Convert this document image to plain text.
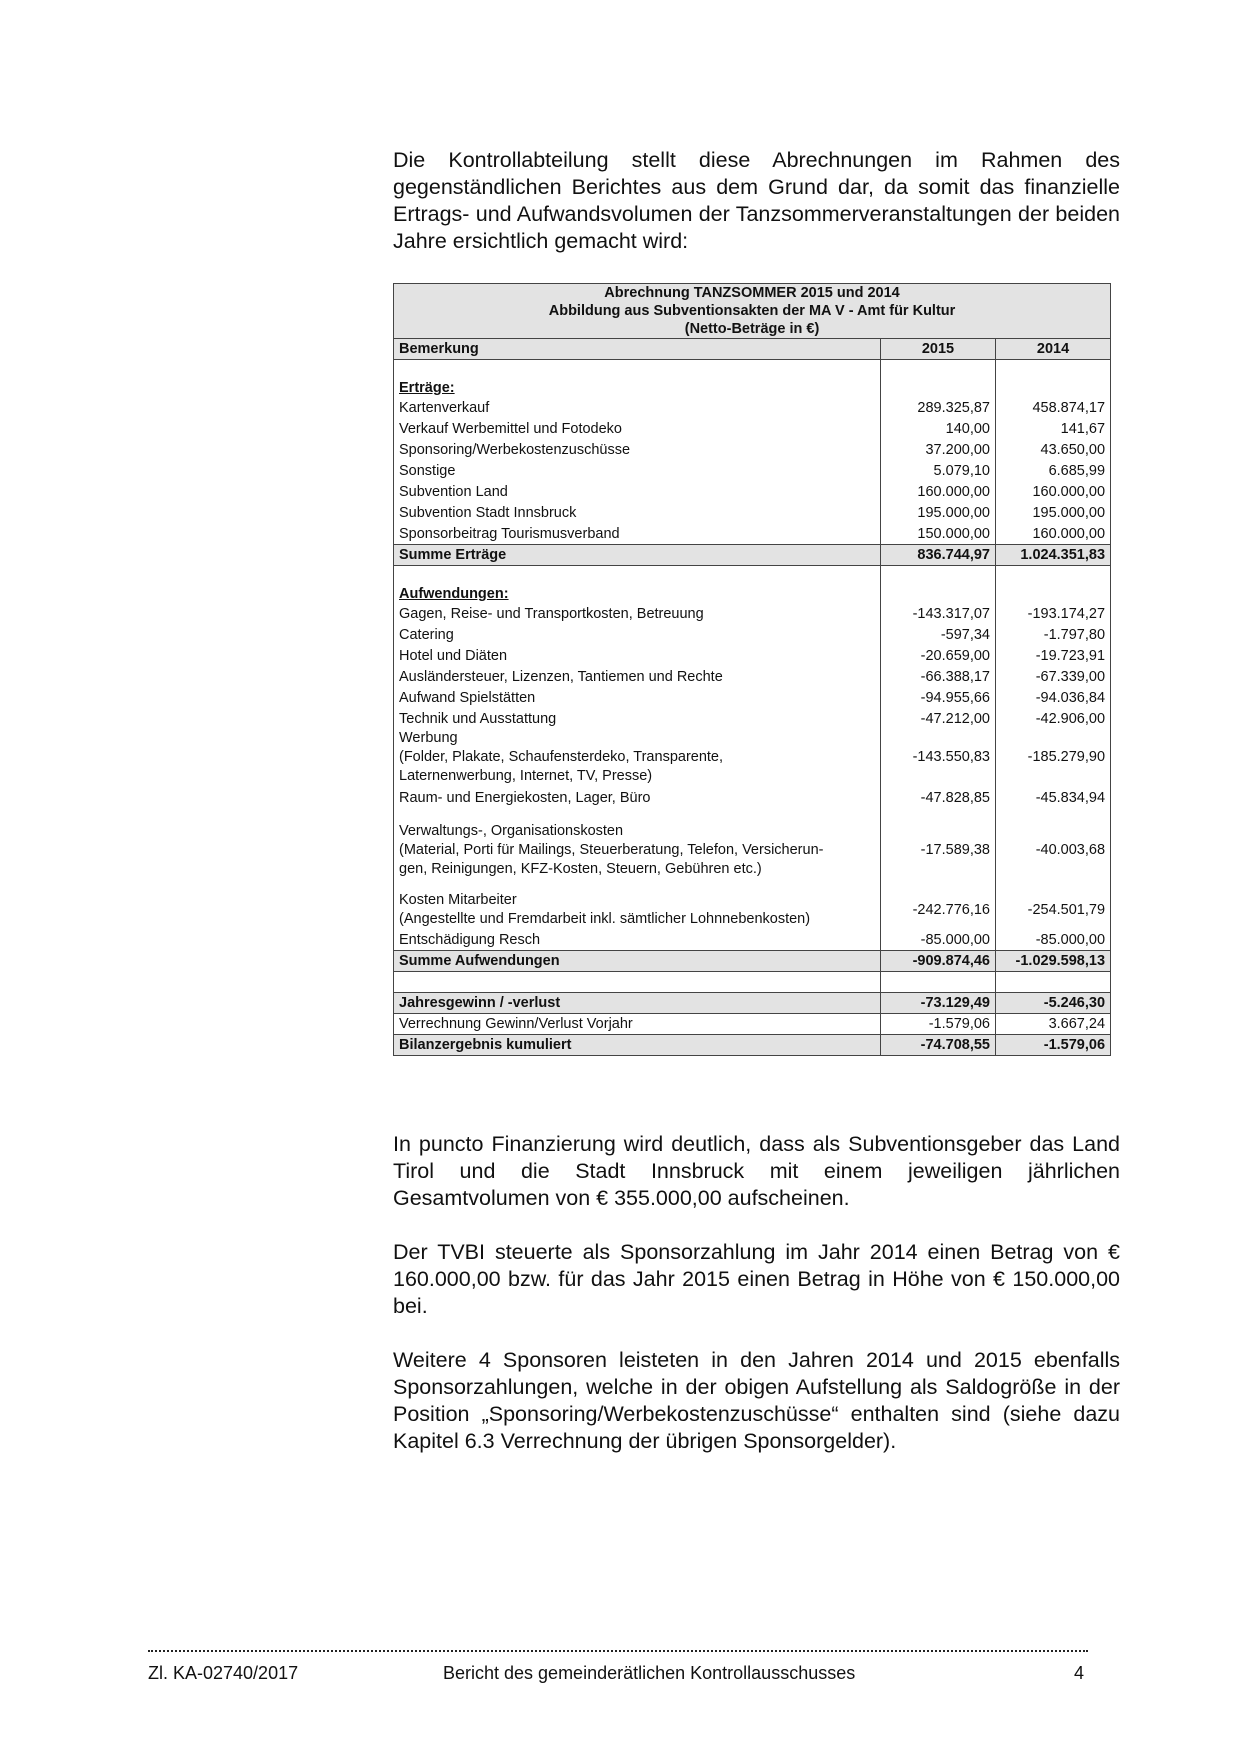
Die Kontrollabteilung stellt diese Abrechnungen im Rahmen des gegenständlichen Berichtes aus dem Grund dar, da somit das finanzielle Ertrags- und Aufwandsvolumen der Tanzsommerveranstaltungen der beiden Jahre ersichtlich gemacht wird:

Abrechnung TANZSOMMER 2015 und 2014
Abbildung aus Subventionsakten der MA V - Amt für Kultur
(Netto-Beträge in €)		

Bemerkung	2015	2014

Erträge:		
Kartenverkauf	289.325,87	458.874,17
Verkauf Werbemittel und Fotodeko	140,00	141,67
Sponsoring/Werbekostenzuschüsse	37.200,00	43.650,00
Sonstige	5.079,10	6.685,99
Subvention Land	160.000,00	160.000,00
Subvention Stadt Innsbruck	195.000,00	195.000,00
Sponsorbeitrag Tourismusverband	150.000,00	160.000,00
Summe Erträge	836.744,97	1.024.351,83

Aufwendungen:		
Gagen, Reise- und Transportkosten, Betreuung	-143.317,07	-193.174,27
Catering	-597,34	-1.797,80
Hotel und Diäten	-20.659,00	-19.723,91
Ausländersteuer, Lizenzen, Tantiemen und Rechte	-66.388,17	-67.339,00
Aufwand Spielstätten	-94.955,66	-94.036,84
Technik und Ausstattung	-47.212,00	-42.906,00

Werbung
(Folder, Plakate, Schaufensterdeko, Transparente,
Laternenwerbung, Internet, TV, Presse)	-143.550,83	-185.279,90
Raum- und Energiekosten, Lager, Büro	-47.828,85	-45.834,94

Verwaltungs-, Organisationskosten
(Material, Porti für Mailings, Steuerberatung, Telefon, Versicherun-
gen, Reinigungen, KFZ-Kosten, Steuern, Gebühren etc.)	-17.589,38	-40.003,68

Kosten Mitarbeiter
(Angestellte und Fremdarbeit inkl. sämtlicher Lohnnebenkosten)	-242.776,16	-254.501,79
Entschädigung Resch	-85.000,00	-85.000,00
Summe Aufwendungen	-909.874,46	-1.029.598,13

Jahresgewinn / -verlust	-73.129,49	-5.246,30
Verrechnung Gewinn/Verlust Vorjahr	-1.579,06	3.667,24
Bilanzergebnis kumuliert	-74.708,55	-1.579,06

In puncto Finanzierung wird deutlich, dass als Subventionsgeber das Land Tirol und die Stadt Innsbruck mit einem jeweiligen jährlichen Gesamtvolumen von € 355.000,00 aufscheinen.

Der TVBI steuerte als Sponsorzahlung im Jahr 2014 einen Betrag von € 160.000,00 bzw. für das Jahr 2015 einen Betrag in Höhe von € 150.000,00 bei.

Weitere 4 Sponsoren leisteten in den Jahren 2014 und 2015 ebenfalls Sponsorzahlungen, welche in der obigen Aufstellung als Saldogröße in der Position „Sponsoring/Werbekostenzuschüsse“ enthalten sind (siehe dazu Kapitel 6.3 Verrechnung der übrigen Sponsorgelder).

Zl. KA-02740/2017	Bericht des gemeinderätlichen Kontrollausschusses	4
